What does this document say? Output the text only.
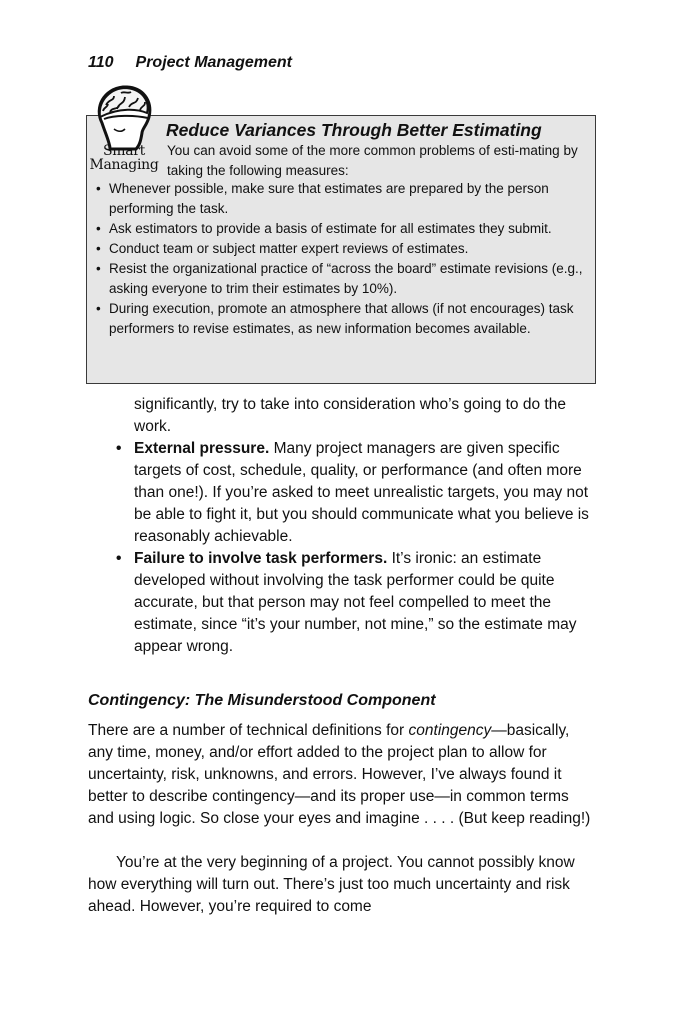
110 Project Management
Smart
Managing
Reduce Variances Through Better Estimating
You can avoid some of the more common problems of esti-mating by taking the following measures:
• Whenever possible, make sure that estimates are prepared by the person performing the task.
• Ask estimators to provide a basis of estimate for all estimates they submit.
• Conduct team or subject matter expert reviews of estimates.
• Resist the organizational practice of “across the board” estimate revisions (e.g., asking everyone to trim their estimates by 10%).
• During execution, promote an atmosphere that allows (if not encourages) task performers to revise estimates, as new information becomes available.
significantly, try to take into consideration who’s going to do the work.
• External pressure. Many project managers are given specific targets of cost, schedule, quality, or performance (and often more than one!). If you’re asked to meet unrealistic targets, you may not be able to fight it, but you should communicate what you believe is reasonably achievable.
• Failure to involve task performers. It’s ironic: an estimate developed without involving the task performer could be quite accurate, but that person may not feel compelled to meet the estimate, since “it’s your number, not mine,” so the estimate may appear wrong.
Contingency: The Misunderstood Component
There are a number of technical definitions for contingency—basically, any time, money, and/or effort added to the project plan to allow for uncertainty, risk, unknowns, and errors. However, I’ve always found it better to describe contingency—and its proper use—in common terms and using logic. So close your eyes and imagine . . . . (But keep reading!)
You’re at the very beginning of a project. You cannot possibly know how everything will turn out. There’s just too much uncertainty and risk ahead. However, you’re required to come
